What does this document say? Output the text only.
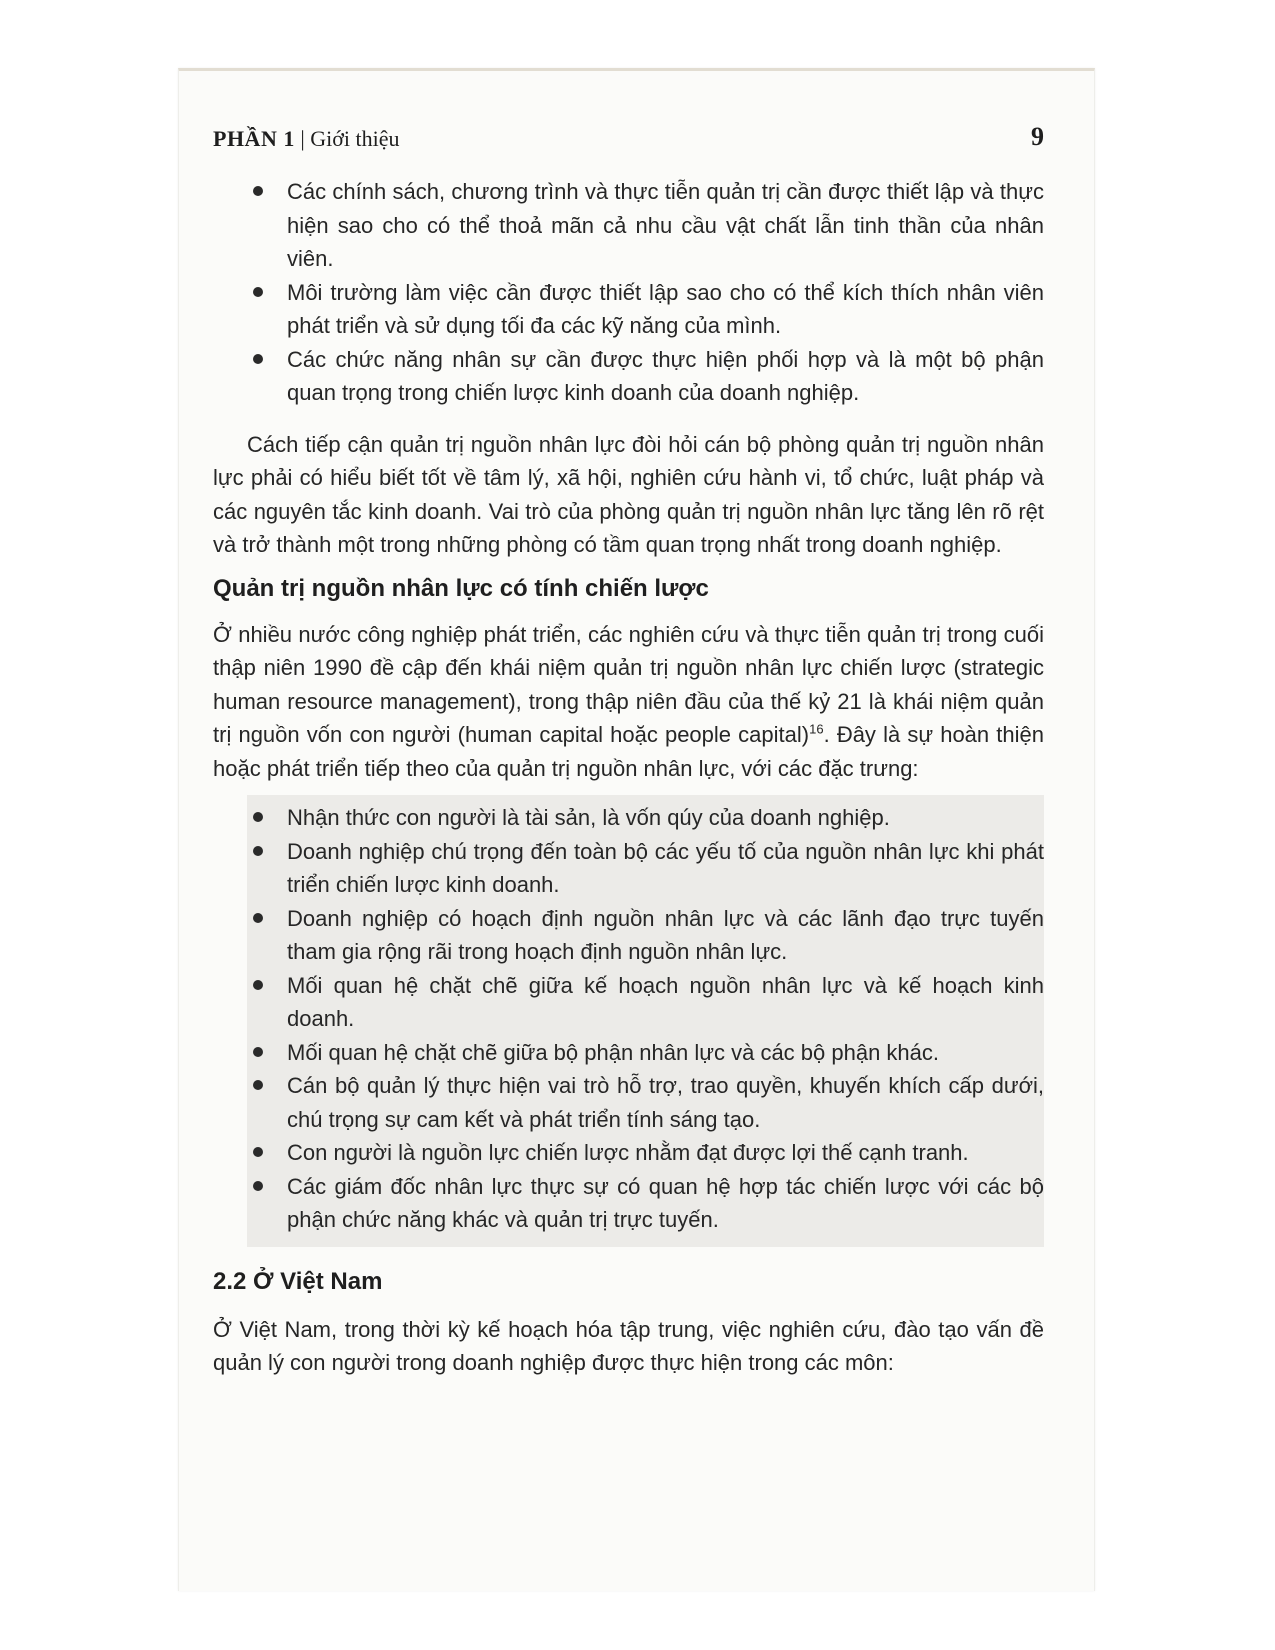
PHẦN 1 | Giới thiệu	9
Các chính sách, chương trình và thực tiễn quản trị cần được thiết lập và thực hiện sao cho có thể thoả mãn cả nhu cầu vật chất lẫn tinh thần của nhân viên.
Môi trường làm việc cần được thiết lập sao cho có thể kích thích nhân viên phát triển và sử dụng tối đa các kỹ năng của mình.
Các chức năng nhân sự cần được thực hiện phối hợp và là một bộ phận quan trọng trong chiến lược kinh doanh của doanh nghiệp.

Cách tiếp cận quản trị nguồn nhân lực đòi hỏi cán bộ phòng quản trị nguồn nhân lực phải có hiểu biết tốt về tâm lý, xã hội, nghiên cứu hành vi, tổ chức, luật pháp và các nguyên tắc kinh doanh. Vai trò của phòng quản trị nguồn nhân lực tăng lên rõ rệt và trở thành một trong những phòng có tầm quan trọng nhất trong doanh nghiệp.

Quản trị nguồn nhân lực có tính chiến lược

Ở nhiều nước công nghiệp phát triển, các nghiên cứu và thực tiễn quản trị trong cuối thập niên 1990 đề cập đến khái niệm quản trị nguồn nhân lực chiến lược (strategic human resource management), trong thập niên đầu của thế kỷ 21 là khái niệm quản trị nguồn vốn con người (human capital hoặc people capital)$^{16}$. Đây là sự hoàn thiện hoặc phát triển tiếp theo của quản trị nguồn nhân lực, với các đặc trưng:

Nhận thức con người là tài sản, là vốn qúy của doanh nghiệp.
Doanh nghiệp chú trọng đến toàn bộ các yếu tố của nguồn nhân lực khi phát triển chiến lược kinh doanh.
Doanh nghiệp có hoạch định nguồn nhân lực và các lãnh đạo trực tuyến tham gia rộng rãi trong hoạch định nguồn nhân lực.
Mối quan hệ chặt chẽ giữa kế hoạch nguồn nhân lực và kế hoạch kinh doanh.
Mối quan hệ chặt chẽ giữa bộ phận nhân lực và các bộ phận khác.
Cán bộ quản lý thực hiện vai trò hỗ trợ, trao quyền, khuyến khích cấp dưới, chú trọng sự cam kết và phát triển tính sáng tạo.
Con người là nguồn lực chiến lược nhằm đạt được lợi thế cạnh tranh.
Các giám đốc nhân lực thực sự có quan hệ hợp tác chiến lược với các bộ phận chức năng khác và quản trị trực tuyến.
2.2 Ở Việt Nam

Ở Việt Nam, trong thời kỳ kế hoạch hóa tập trung, việc nghiên cứu, đào tạo vấn đề quản lý con người trong doanh nghiệp được thực hiện trong các môn:
